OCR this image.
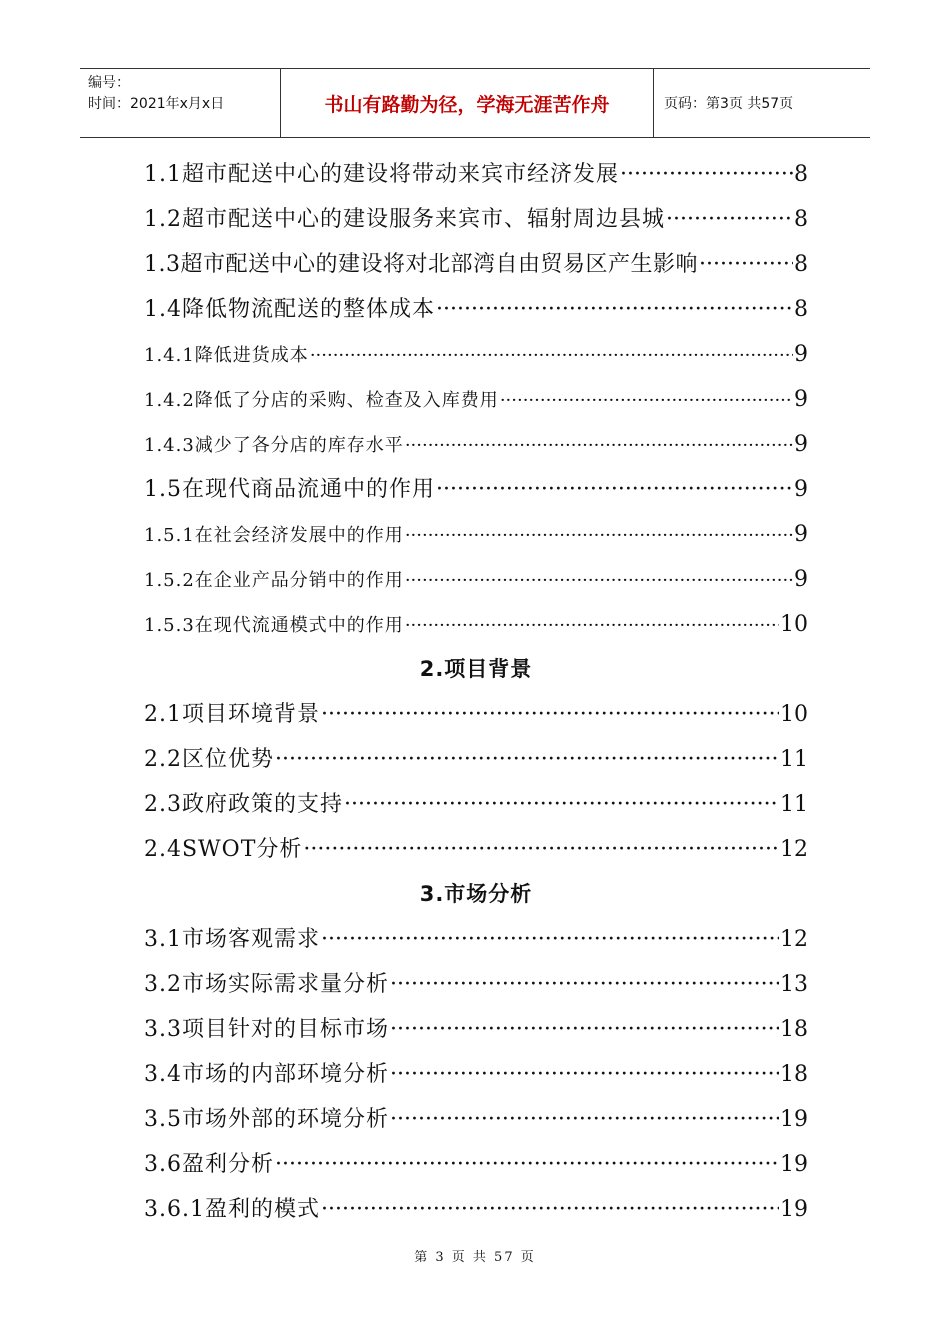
编号：
时间：2021年x月x日	书山有路勤为径，学海无涯苦作舟	页码：第3页 共57页
1.1超市配送中心的建设将带动来宾市经济发展 ·····	8
1.2超市配送中心的建设服务来宾市、辐射周边县城 ·····	8
1.3超市配送中心的建设将对北部湾自由贸易区产生影响 ·····	8
1.4降低物流配送的整体成本 ·····	8
1.4.1降低进货成本 ·····	9
1.4.2降低了分店的采购、检查及入库费用 ·····	9
1.4.3减少了各分店的库存水平 ·····	9
1.5在现代商品流通中的作用 ·····	9
1.5.1在社会经济发展中的作用 ·····	9
1.5.2在企业产品分销中的作用 ·····	9
1.5.3在现代流通模式中的作用 ·····	10
2.项目背景
2.1项目环境背景 ·····	10
2.2区位优势 ·····	11
2.3政府政策的支持 ·····	11
2.4SWOT分析 ·····	12
3.市场分析
3.1市场客观需求 ·····	12
3.2市场实际需求量分析 ·····	13
3.3项目针对的目标市场 ·····	18
3.4市场的内部环境分析 ·····	18
3.5市场外部的环境分析 ·····	19
3.6盈利分析 ·····	19
3.6.1盈利的模式 ·····	19
第 3 页 共 57 页
